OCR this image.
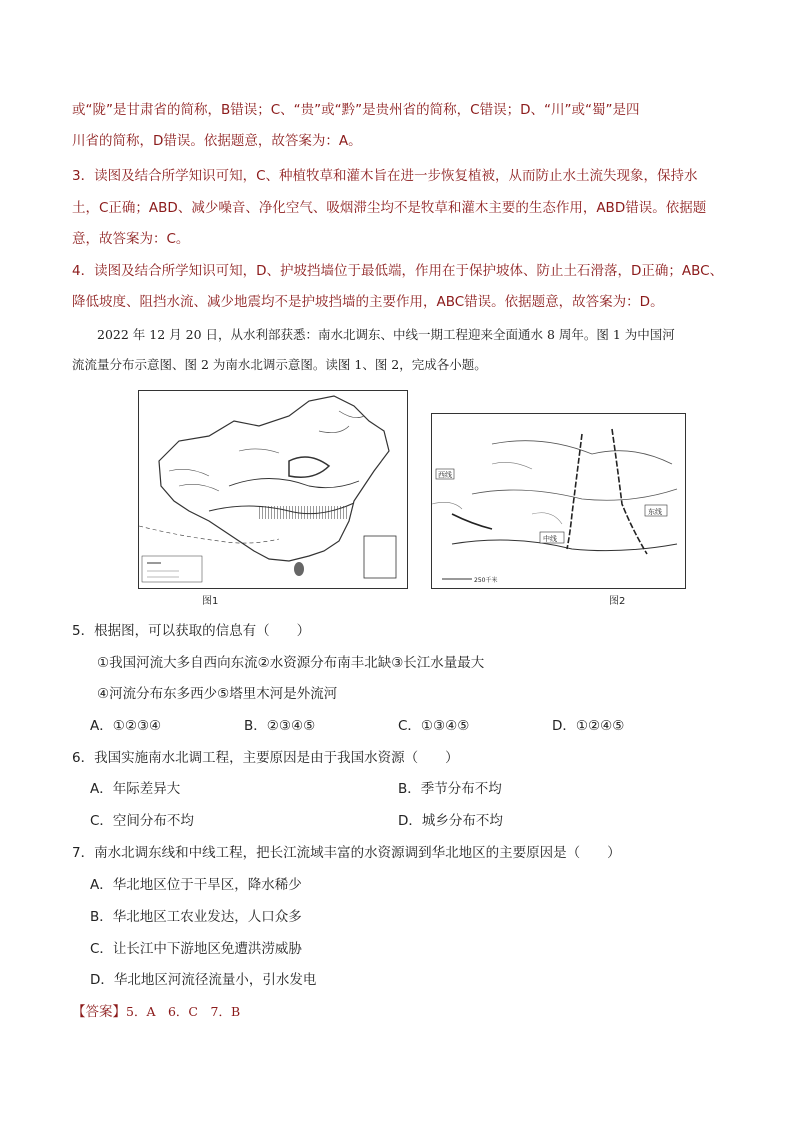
或“陇”是甘肃省的简称，B错误；C、“贵”或“黔”是贵州省的简称，C错误；D、“川”或“蜀”是四
川省的简称，D错误。依据题意，故答案为：A。
3．读图及结合所学知识可知，C、种植牧草和灌木旨在进一步恢复植被，从而防止水土流失现象，保持水
土，C正确；ABD、减少噪音、净化空气、吸烟滞尘均不是牧草和灌木主要的生态作用，ABD错误。依据题
意，故答案为：C。
4．读图及结合所学知识可知，D、护坡挡墙位于最低端，作用在于保护坡体、防止土石滑落，D正确；ABC、
降低坡度、阻挡水流、减少地震均不是护坡挡墙的主要作用，ABC错误。依据题意，故答案为：D。
2022 年 12 月 20 日，从水利部获悉：南水北调东、中线一期工程迎来全面通水 8 周年。图 1 为中国河
流流量分布示意图、图 2 为南水北调示意图。读图 1、图 2，完成各小题。
图1
西线
中线
东线
250千米
图2
5．根据图，可以获取的信息有（　　）
①我国河流大多自西向东流②水资源分布南丰北缺③长江水量最大
④河流分布东多西少⑤塔里木河是外流河
A．①②③④	B．②③④⑤	C．①③④⑤	D．①②④⑤
6．我国实施南水北调工程，主要原因是由于我国水资源（　　）
A．年际差异大	B．季节分布不均
C．空间分布不均	D．城乡分布不均
7．南水北调东线和中线工程，把长江流域丰富的水资源调到华北地区的主要原因是（　　）
A．华北地区位于干旱区，降水稀少
B．华北地区工农业发达，人口众多
C．让长江中下游地区免遭洪涝威胁
D．华北地区河流径流量小，引水发电
【答案】5．A　6．C　7．B
